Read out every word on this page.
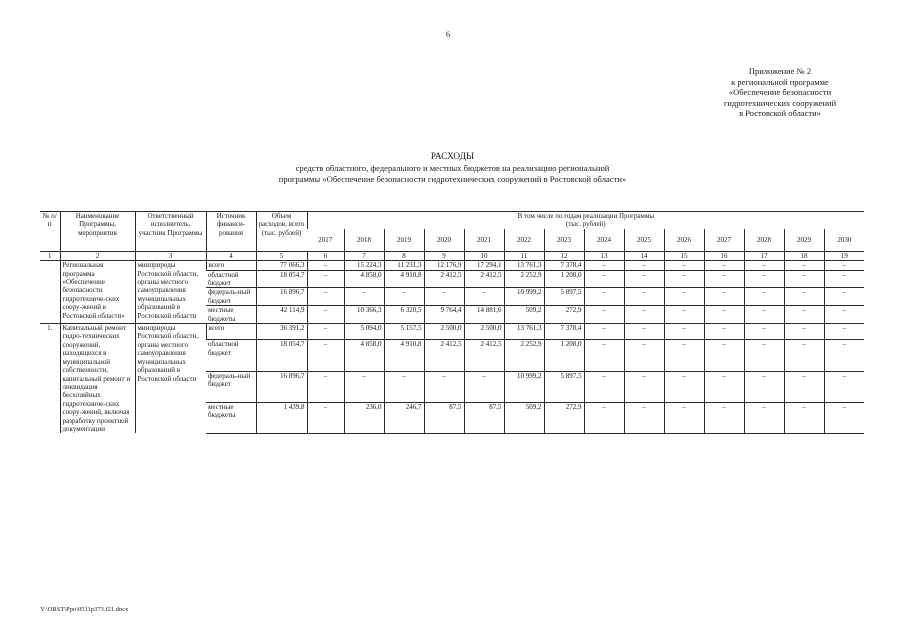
6
Приложение № 2
к региональной программе
«Обеспечение безопасности
гидротехнических сооружений
в Ростовской области»
РАСХОДЫ
средств областного, федерального и местных бюджетов на реализацию региональной
программы «Обеспечение безопасности гидротехнических сооружений в Ростовской области»
№ п/п	Наименование Программы, мероприятия	Ответственный исполнитель, участник Программы	Источник финанси-рования	Объем расходов, всего (тыс. рублей)	В том числе по годам реализации Программы
(тыс. рублей)													

					2017	2018	2019	2020	2021	2022	2023	2024	2025	2026	2027	2028	2029	2030
1	2	3	4	5	6	7	8	9	10	11	12	13	14	15	16	17	18	19
	Региональная программа «Обеспечение безопасности гидротехниче-ских соору-жений в Ростовской области»	минприроды Ростовской области, органы местного самоуправления муниципальных образований в Ростовской области	всего	77 066,3	–	15 224,3	11 231,3	12 176,9	17 294,1	13 761,3	7 378,4	–	–	–	–	–	–	–
			областной бюджет	18 054,7	–	4 858,0	4 910,8	2 412,5	2 412,5	2 252,9	1 208,0	–	–	–	–	–	–	–
			федераль-ный бюджет	16 896,7	–	–	–	–	–	10 999,2	5 897,5	–	–	–	–	–	–	–
			местные бюджеты	42 114,9	–	10 366,3	6 320,5	9 764,4	14 881,6	509,2	272,9	–	–	–	–	–	–	–
1.	Капитальный ремонт гидро-технических сооружений, находящихся в муниципальной собственности, капитальный ремонт и ликвидация бесхозяйных гидротехниче-ских соору-жений, включая разработку проектной документации	минприроды Ростовской области, органы местного самоуправления муниципальных образований в Ростовской области	всего	36 391,2	–	5 094,0	5 157,5	2 500,0	2 500,0	13 761,3	7 378,4	–	–	–	–	–	–	–
			областной бюджет	18 054,7	–	4 858,0	4 910,8	2 412,5	2 412,5	2 252,9	1 208,0	–	–	–	–	–	–	–
			федераль-ный бюджет	16 896,7	–	–	–	–	–	10 999,2	5 897,5	–	–	–	–	–	–	–
			местные бюджеты	1 439,8	–	236,0	246,7	87,5	87,5	509,2	272,9	–	–	–	–	–	–	–
Y:\ORST\Ppo\0511p373.f21.docx
